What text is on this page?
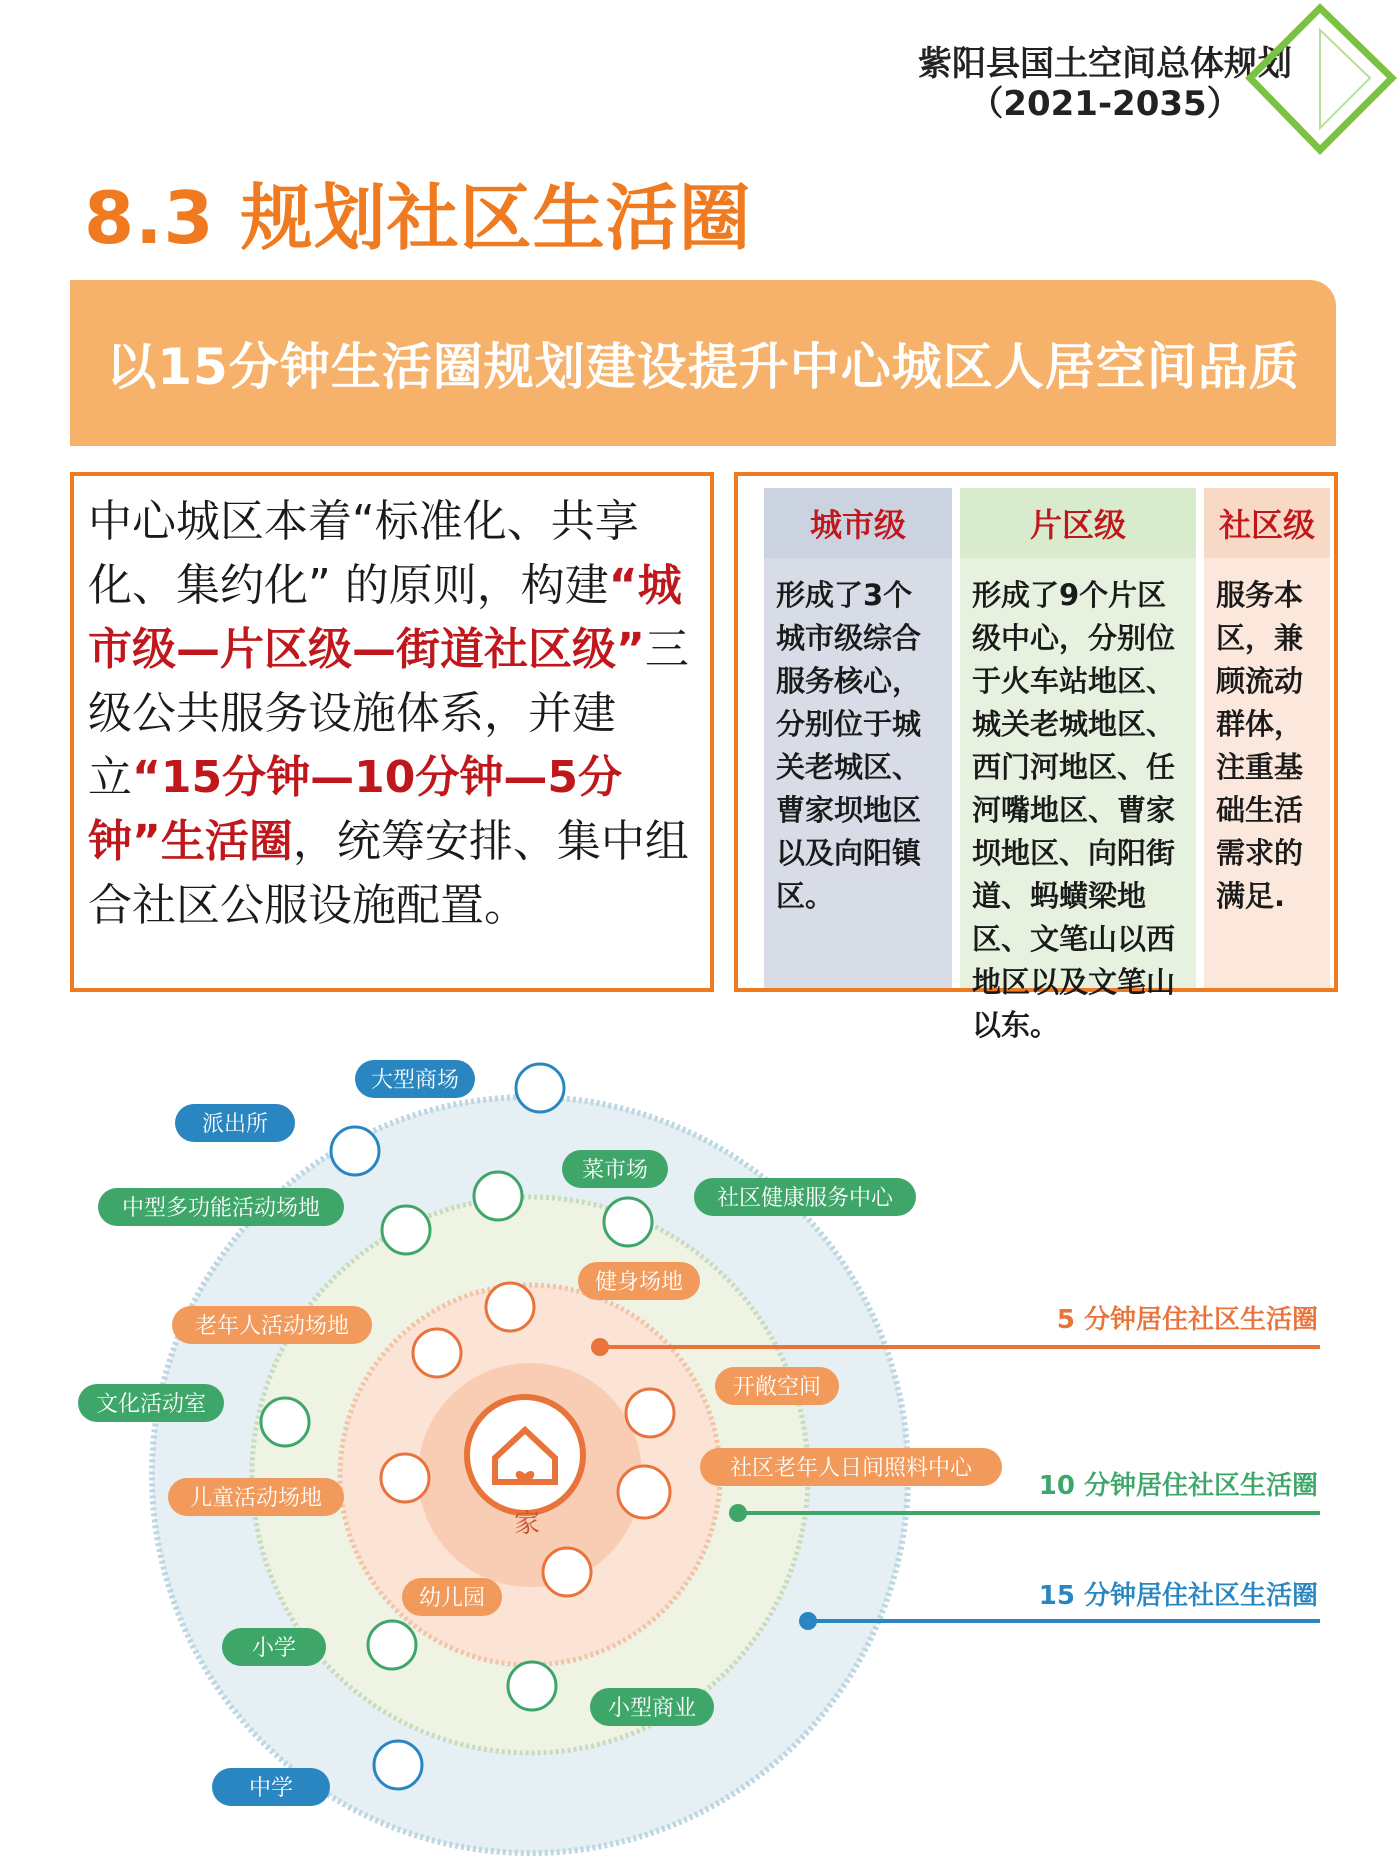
紫阳县国土空间总体规划
（2021-2035）
8.3 规划社区生活圈
以15分钟生活圈规划建设提升中心城区人居空间品质

中心城区本着“标准化、共享化、集约化” 的原则，构建“城市级—片区级—街道社区级”三级公共服务设施体系，并建立“15分钟—10分钟—5分钟”生活圈，统筹安排、集中组合社区公服设施配置。

城市级
形成了3个城市级综合服务核心，分别位于城关老城区、曹家坝地区以及向阳镇区。
片区级
形成了9个片区级中心，分别位于火车站地区、城关老城地区、西门河地区、任河嘴地区、曹家坝地区、向阳街道、蚂蟥梁地区、文笔山以西地区以及文笔山以东。
社区级
服务本区，兼顾流动群体，注重基础生活需求的满足.
家
5 分钟居住社区生活圈
10 分钟居住社区生活圈
15 分钟居住社区生活圈
大型商场
派出所
菜市场
社区健康服务中心
中型多功能活动场地
健身场地
老年人活动场地
开敞空间
文化活动室
社区老年人日间照料中心
儿童活动场地
幼儿园
小学
小型商业
中学
